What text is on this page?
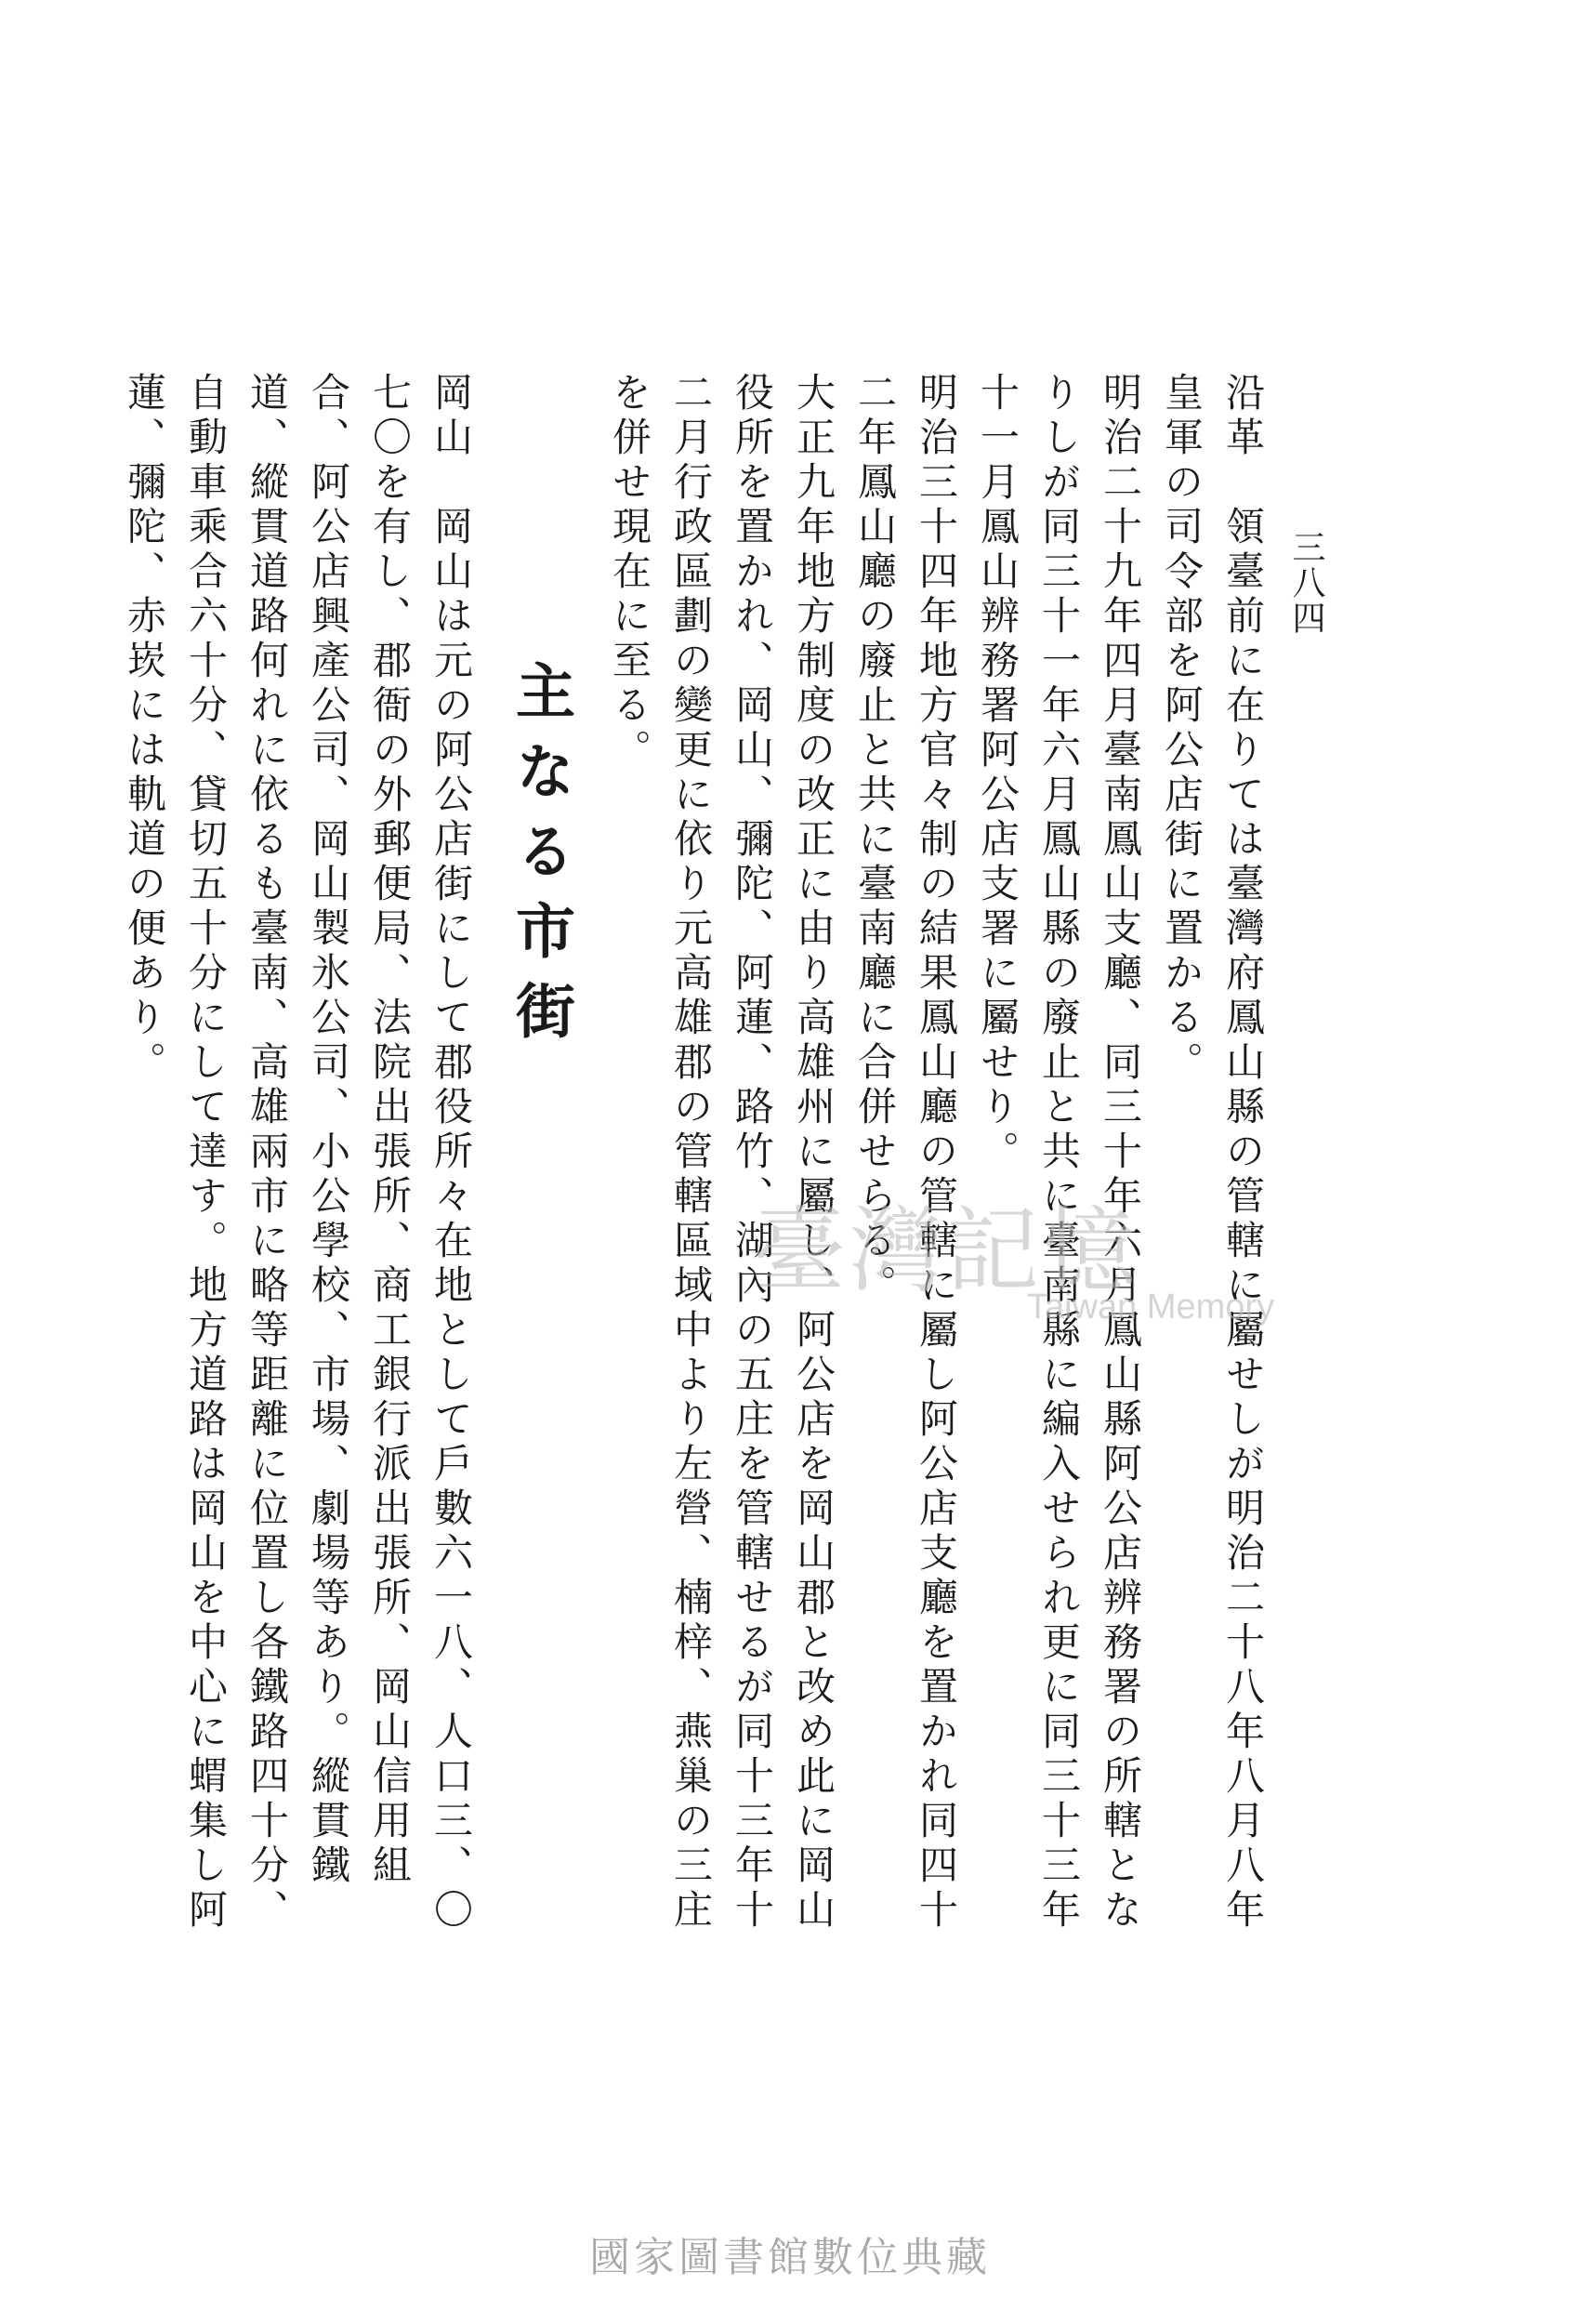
三八四

沿革　領臺前に在りては臺灣府鳳山縣の管轄に屬せしが明治二十八年八月八年皇軍の司令部を阿公店街に置かる。

明治二十九年四月臺南鳳山支廳、同三十年六月鳳山縣阿公店辨務署の所轄となりしが同三十一年六月鳳山縣の廢止と共に臺南縣に編入せられ更に同三十三年十一月鳳山辨務署阿公店支署に屬せり。

明治三十四年地方官々制の結果鳳山廳の管轄に屬し阿公店支廳を置かれ同四十二年鳳山廳の廢止と共に臺南廳に合併せらる。

大正九年地方制度の改正に由り高雄州に屬し、阿公店を岡山郡と改め此に岡山役所を置かれ、岡山、彌陀、阿蓮、路竹、湖內の五庄を管轄せるが同十三年十二月行政區劃の變更に依り元高雄郡の管轄區域中より左營、楠梓、燕巢の三庄を併せ現在に至る。

主なる市街

岡山　岡山は元の阿公店街にして郡役所々在地として戶數六一八、人口三、〇七〇を有し、郡衙の外郵便局、法院出張所、商工銀行派出張所、岡山信用組合、阿公店興產公司、岡山製氷公司、小公學校、市場、劇場等あり。縱貫鐵道、縱貫道路何れに依るも臺南、高雄兩市に略等距離に位置し各鐵路四十分、自動車乘合六十分、貸切五十分にして達す。地方道路は岡山を中心に蝟集し阿蓮、彌陀、赤崁には軌道の便あり。

臺灣記憶
Taiwan Memory
國家圖書館數位典藏
